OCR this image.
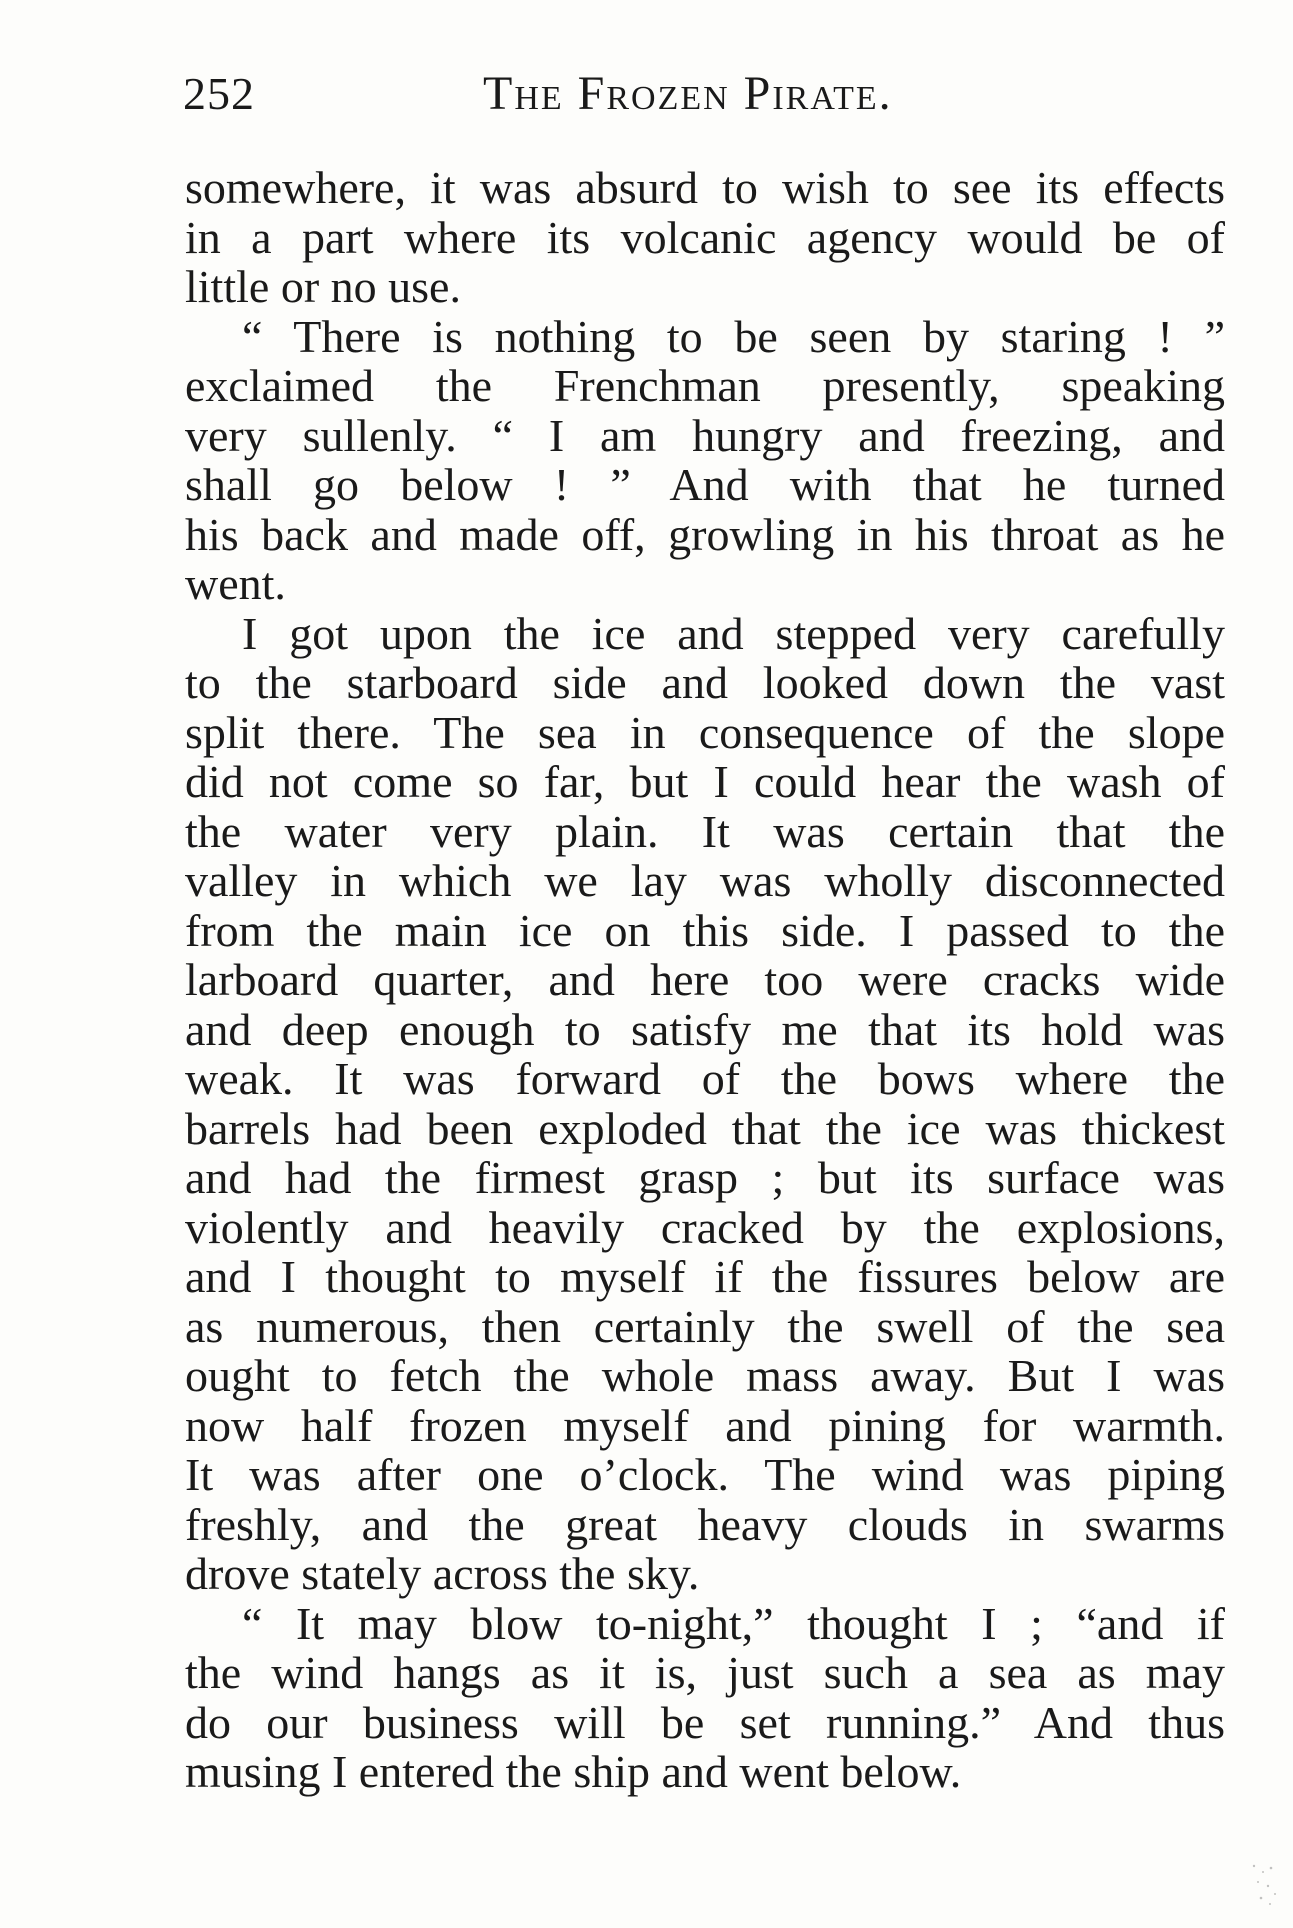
252	The Frozen Pirate.
somewhere, it was absurd to wish to see its effects
in a part where its volcanic agency would be of
little or no use.
“ There is nothing to be seen by staring ! ”
exclaimed the Frenchman presently, speaking
very sullenly. “ I am hungry and freezing, and
shall go below ! ” And with that he turned
his back and made off, growling in his throat as he
went.
I got upon the ice and stepped very carefully
to the starboard side and looked down the vast
split there. The sea in consequence of the slope
did not come so far, but I could hear the wash of
the water very plain. It was certain that the
valley in which we lay was wholly disconnected
from the main ice on this side. I passed to the
larboard quarter, and here too were cracks wide
and deep enough to satisfy me that its hold was
weak. It was forward of the bows where the
barrels had been exploded that the ice was thickest
and had the firmest grasp ; but its surface was
violently and heavily cracked by the explosions,
and I thought to myself if the fissures below are
as numerous, then certainly the swell of the sea
ought to fetch the whole mass away. But I was
now half frozen myself and pining for warmth.
It was after one o’clock. The wind was piping
freshly, and the great heavy clouds in swarms
drove stately across the sky.
“ It may blow to-night,” thought I ; “and if
the wind hangs as it is, just such a sea as may
do our business will be set running.” And thus
musing I entered the ship and went below.
